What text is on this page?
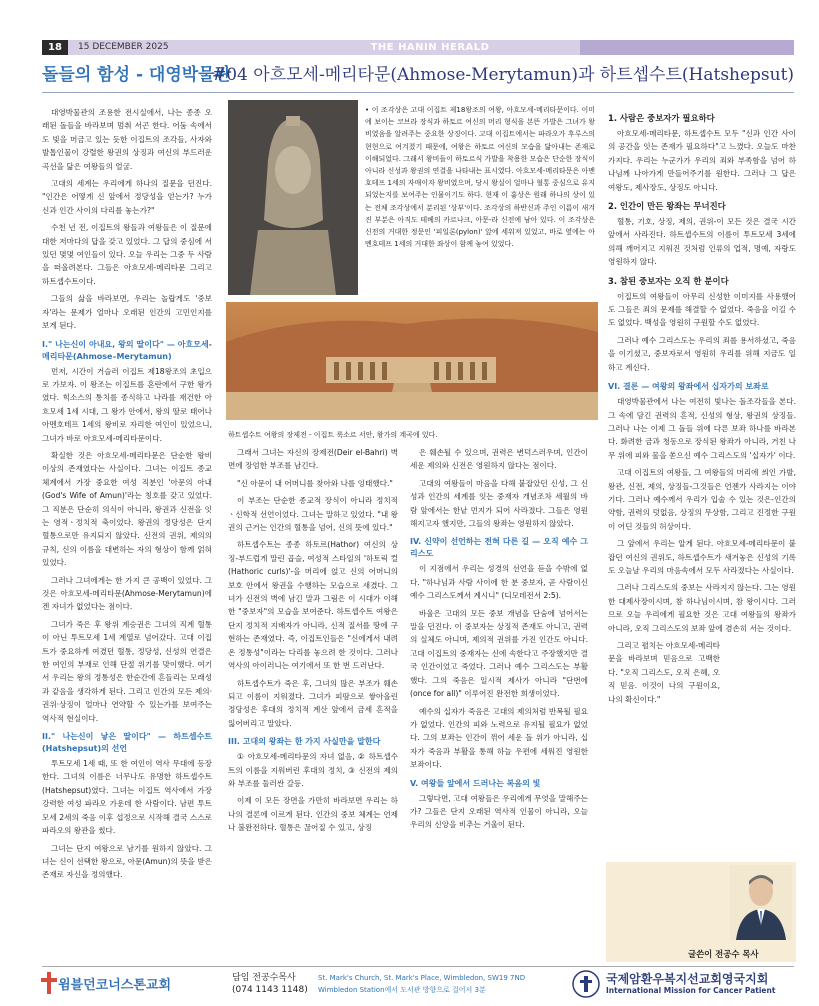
18	15 DECEMBER 2025	THE HANIN HERALD
돌들의 함성 - 대영박물관
#04 아흐모세-메리타문(Ahmose-Merytamun)과 하트셉수트(Hatshepsut)

대영박물관의 조용한 전시실에서, 나는 종종 오래된 돌들을 바라보며 멈춰 서곤 한다. 어둠 속에서도 빛을 머금고 있는 듯한 이집트의 조각들, 사자와 발톱인물이 강렬한 왕권의 상징과 여신의 부드러운 곡선을 닮은 여왕들의 얼굴.

고대의 세계는 우리에게 하나의 질문을 던진다. "인간은 어떻게 신 앞에서 정당성을 얻는가? 누가 신과 인간 사이의 다리를 놓는가?"

수천 년 전, 이집트의 왕들과 여왕들은 이 질문에 대한 저마다의 답을 갖고 있었다. 그 답의 중심에 서 있던 몇몇 여인들이 있다. 오늘 우리는 그중 두 사람을 떠올려본다. 그들은 아흐모세-메리타문 그리고 하트셉수트이다.

그들의 삶을 바라보면, 우리는 놀랍게도 '중보자'라는 문제가 얼마나 오래된 인간의 고민인지를 보게 된다.

I." 나는신이 아내요, 왕의 딸이다" — 아흐모세-메리타문(Ahmose–Merytamun)

먼저, 시간이 거슬러 이집트 제18왕조의 초입으로 가보자. 이 왕조는 이집트를 혼란에서 구한 왕가였다. 힉소스의 통치를 종식하고 나라를 재건한 아흐모세 1세 시대, 그 왕가 안에서, 왕의 딸로 태어나 아멘호테프 1세의 왕비로 자리한 여인이 있었으니, 그녀가 바로 아흐모세-메리타문이다.

확실한 것은 아흐모세-메리타문은 단순한 왕비 이상의 존재였다는 사실이다. 그녀는 이집트 종교 체계에서 가장 중요한 여성 직분인 '아문의 아내(God's Wife of Amun)'라는 칭호를 갖고 있었다. 그 직분은 단순히 의식이 아니라, 왕권과 신전을 잇는 영적ㆍ정치적 축이었다. 왕권의 정당성은 단지 혈통으로만 유지되지 않았다. 신전의 권위, 제의의 규칙, 신의 이름을 대변하는 자의 형상이 함께 얽혀 있었다.

그러나 그녀에게는 한 가지 큰 공백이 있었다. 그것은 아흐모세-메리타문(Ahmose-Merytamun)에겐 자녀가 없었다는 점이다.

그녀가 죽은 후 왕위 계승권은 그녀의 직계 혈통이 아닌 투트모세 1세 계열로 넘어갔다. 고대 이집트가 중요하게 여겼던 혈통, 정당성, 신성의 연결은 한 여인의 부재로 인해 단절 위기를 맞이했다. 여기서 우리는 왕의 정통성은 한순간에 흔들리는 모래성과 같음을 생각하게 된다. 그리고 인간의 모든 제의·권위·상징이 얼마나 연약할 수 있는가를 보여주는 역사적 현실이다.

II." 나는신이 낳은 딸이다" — 하트셉수트(Hatshepsut)의 선언

투트모세 1세 때, 또 한 여인이 역사 무대에 등장한다. 그녀의 이름은 너무나도 유명한 하트셉수트(Hatshepsut)였다. 그녀는 이집트 역사에서 가장 강력한 여성 파라오 가운데 한 사람이다. 남편 투트모세 2세의 죽음 이후 섭정으로 시작해 결국 스스로 파라오의 왕관을 썼다.

그녀는 단지 여왕으로 남기를 원하지 않았다. 그녀는 신이 선택한 왕으로, 아문(Amun)의 뜻을 받은 존재로 자신을 정의했다.

• 이 조각상은 고대 이집트 제18왕조의 여왕, 아흐모세-메리타문이다. 이미에 보이는 코브라 장식과 하토르 여신의 머리 형식을 본뜬 가발은 그녀가 왕비였음을 알려주는 중요한 상징이다. 고대 이집트에서는 파라오가 후루스의 현현으로 여겨졌기 때문에, 여왕은 하토르 여신의 모습을 닮아내는 존재로 이해되었다. 그래서 왕비들이 하토르식 가발을 착용한 모습은 단순한 장식이 아니라 신성과 왕권의 연결을 나타내는 표시였다. 아흐모세-메리타문은 아멘호테프 1세의 자매이자 왕비였으며, 당시 왕실이 얼마나 혈통 중심으로 유지되었는지를 보여주는 인물이기도 하다. 현재 이 흉상은 원래 하나의 상이 있는 전체 조각상에서 분리된 '상부'이다. 조각상의 하반신과 주인 이름이 새겨진 부분은 아직도 테베의 카르나크, 아문-라 신전에 남아 있다. 이 조각상은 신전의 거대한 정문인 '피일론(pylon)' 앞에 세워져 있었고, 바로 옆에는 아멘호테프 1세의 거대한 좌상이 함께 놓여 있었다.
하트셉수트 여왕의 장제전 - 이집트 룩소르 서안, 왕가의 계곡에 있다.

그래서 그녀는 자신의 장제전(Deir el-Bahri) 벽면에 장엄한 부조를 남긴다.

"신 아문이 내 어머니를 찾아와 나를 잉태했다."

이 부조는 단순한 종교적 장식이 아니라 정치적ㆍ신학적 선언이었다. 그녀는 말하고 있었다. "내 왕권의 근거는 인간의 혈통을 넘어, 신의 뜻에 있다."

하트셉수트는 종종 하토르(Hathor) 여신의 상징-부드럽게 말린 곱슬, 여성적 스타일의 '하토릭 컬(Hathoric curls)'-을 머리에 얹고 신의 어머니의 보호 안에서 왕권을 수행하는 모습으로 새겼다. 그녀가 신전의 벽에 남긴 말과 그림은 이 시대가 이해한 "중보자"의 모습을 보여준다. 하트셉수트 여왕은 단지 정치적 지배자가 아니라, 신적 질서를 땅에 구현하는 존재였다. 즉, 이집트인들은 "신에게서 내려온 정통성"이라는 다리를 놓으려 한 것이다. 그러나 역사의 아이러니는 여기에서 또 한 번 드러난다.

하트셉수트가 죽은 후, 그녀의 많은 부조가 훼손되고 이름이 지워졌다. 그녀가 피땀으로 쌓아올린 정당성은 후대의 정치적 계산 앞에서 금세 흔적을 잃어버리고 말았다.

III. 고대의 왕좌는 한 가지 사실만을 말한다

① 아흐모세-메리타문의 자녀 없음, ② 하트셉수트의 이름을 지워버린 후대의 정치, ③ 신전의 제의와 부조를 둘러싼 갈등.

이제 이 모든 장면을 가만히 바라보면 우리는 하나의 결론에 이르게 된다. 인간의 중보 체계는 언제나 불완전하다. 혈통은 끊어질 수 있고, 상징

은 훼손될 수 있으며, 권력은 변덕스러우며, 인간이 세운 제의와 신전은 영원하지 않다는 점이다.

고대의 여왕들이 마음을 다해 붙잡았던 신성, 그 신성과 인간의 세계를 잇는 중재자 개념조차 세월의 바람 앞에서는 한낱 먼지가 되어 사라졌다. 그들은 영원해지고자 했지만, 그들의 왕좌는 영원하지 않았다.

IV. 신약이 선언하는 전혀 다른 길 — 오직 예수 그리스도

이 지점에서 우리는 성경의 선언을 듣을 수밖에 없다. "하나님과 사람 사이에 한 분 중보자, 곧 사람이신 예수 그리스도께서 계시니" (디모데전서 2:5).

바울은 고대의 모든 중보 개념을 단숨에 넘어서는 말을 던진다. 이 중보자는 상징적 존재도 아니고, 권력의 실체도 아니며, 제의적 권위를 가진 인간도 아니다. 고대 이집트의 중재자는 신에 속한다고 주장했지만 결국 인간이었고 죽었다. 그러나 예수 그리스도는 부활했다. 그의 죽음은 일시적 제사가 아니라 "단번에(once for all)" 이루어진 완전한 희생이었다.

예수의 십자가 죽음은 고대의 제의처럼 반복될 필요가 없었다. 인간의 피와 노력으로 유지될 필요가 없었다. 그의 보좌는 인간이 꺾어 세운 돌 위가 아니라, 십자가 죽음과 부활을 통해 하늘 우편에 세워진 영원한 보좌이다.

V. 여왕들 앞에서 드러나는 복음의 빛

그렇다면, 고대 여왕들은 우리에게 무엇을 말해주는가? 그들은 단지 오래된 역사적 인물이 아니라, 오늘 우리의 신앙을 비추는 거울이 된다.

1. 사람은 중보자가 필요하다

아흐모세-메리타문, 하트셉수트 모두 "신과 인간 사이의 공간을 잇는 존재가 필요하다"고 느꼈다. 오늘도 마찬가지다. 우리는 누군가가 우리의 죄와 부족함을 넘어 하나님께 나아가게 만들어주기를 원한다. 그러나 그 답은 여왕도, 제사장도, 상징도 아니다.

2. 인간이 만든 왕좌는 무너진다

혈통, 기호, 상징, 제의, 권위-이 모든 것은 결국 시간 앞에서 사라진다. 하트셉수트의 이름이 투트모세 3세에 의해 깨어지고 지워진 것처럼 인류의 업적, 명예, 자랑도 영원하지 않다.

3. 참된 중보자는 오직 한 분이다

이집트의 여왕들이 아무리 신성한 이미지를 사용했어도 그들은 죄의 문제를 해결할 수 없었다. 죽음을 이길 수도 없었다. 백성을 영원히 구원할 수도 없었다.

그러나 예수 그리스도는 우리의 죄를 용서하셨고, 죽음을 이기셨고, 중보자로서 영원히 우리를 위해 지금도 일하고 계신다.

VI. 결론 — 여왕의 왕좌에서 십자가의 보좌로

대영박물관에서 나는 여전히 빛나는 돌조각들을 본다. 그 속에 담긴 권력의 흔적, 신성의 형상, 왕권의 상징들. 그러나 나는 이제 그 돌들 위에 다른 보좌 하나를 바라본다. 화려한 금과 청동으로 장식된 왕좌가 아니라, 거친 나무 위에 피와 물을 쏟으신 예수 그리스도의 '십자가' 이다.

고대 이집트의 여왕들, 그 여왕들의 머리에 씌인 가발, 왕관, 신전, 제의, 상징들-그것들은 언젠가 사라지는 이야기다. 그러나 예수께서 우리가 입술 수 있는 것은-인간의 약함, 권력의 덧없음, 상징의 무상함, 그리고 진정한 구원이 어딘 것들의 허상이다.

그 앞에서 우리는 알게 된다. 아흐모세-메리타문이 붙잡던 여신의 권위도, 하트셉수트가 새겨놓은 신성의 기록도 오늘날 우리의 마음속에서 모두 사라졌다는 사실이다.

그러나 그리스도의 중보는 사라지지 않는다. 그는 영원한 대제사장이시며, 참 하나님이시며, 참 왕이시다. 그러므로 오늘 우리에게 필요한 것은 고대 여왕들의 왕좌가 아니라, 오직 그리스도의 보좌 앞에 겸손히 서는 것이다.

그리고 펼치는 아흐모세-메리타문을 바라보며 믿음으로 고백한다. "오직 그리스도, 오직 은혜, 오직 믿음. 이것이 나의 구원이요, 나의 확신이다."

글쓴이 전공수 목사
윔블던코너스톤교회	담임 전공수목사
(074 1143 1148)
St. Mark's Church, St. Mark's Place, Wimbledon, SW19 7ND
Wimbledon Station에서 도서관 방향으로 걸어서 3분
국제암환우복지선교회영국지회
International Mission for Cancer Patient
